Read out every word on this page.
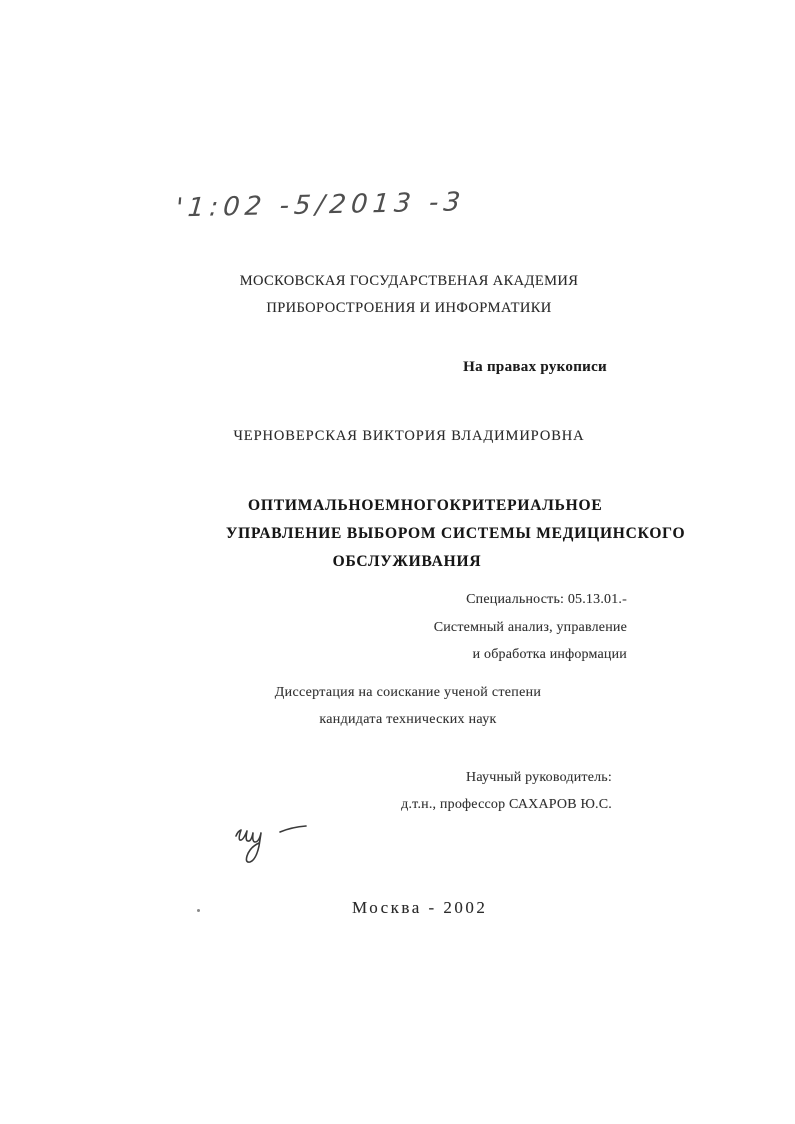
'1:02 -5/2013 -3
МОСКОВСКАЯ ГОСУДАРСТВЕНАЯ АКАДЕМИЯ
ПРИБОРОСТРОЕНИЯ И ИНФОРМАТИКИ
На правах рукописи
ЧЕРНОВЕРСКАЯ ВИКТОРИЯ ВЛАДИМИРОВНА
ОПТИМАЛЬНОЕ МНОГОКРИТЕРИАЛЬНОЕ
УПРАВЛЕНИЕ ВЫБОРОМ СИСТЕМЫ МЕДИЦИНСКОГО
ОБСЛУЖИВАНИЯ
Специальность: 05.13.01.-
Системный анализ, управление
и обработка информации
Диссертация на соискание ученой степени
кандидата технических наук
Научный руководитель:
д.т.н., профессор САХАРОВ Ю.С.
Москва - 2002
